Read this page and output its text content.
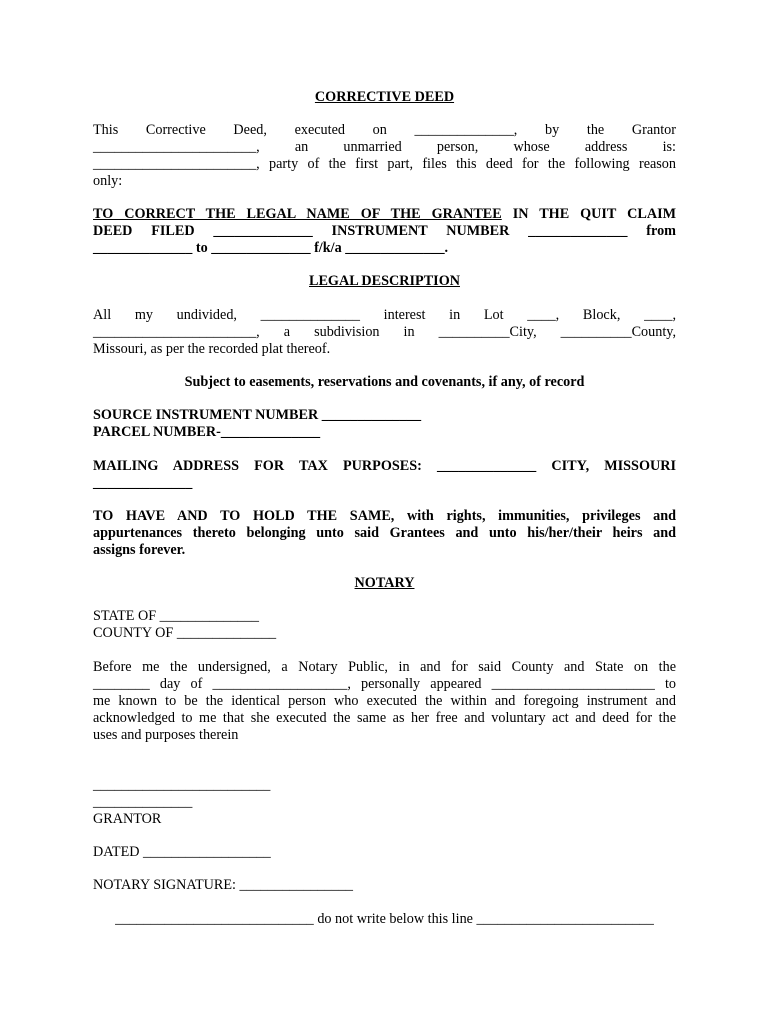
CORRECTIVE DEED
This Corrective Deed, executed on ______________, by the Grantor
_______________________, an unmarried person, whose address is:
_______________________, party of the first part, files this deed for the following reason
only:
TO CORRECT THE LEGAL NAME OF THE GRANTEE IN THE QUIT CLAIM
DEED FILED ______________ INSTRUMENT NUMBER ______________ from
______________ to ______________ f/k/a ______________.
LEGAL DESCRIPTION
All my undivided, ______________ interest in Lot ____, Block, ____,
_______________________, a subdivision in __________City, __________County,
Missouri, as per the recorded plat thereof.
Subject to easements, reservations and covenants, if any, of record
SOURCE INSTRUMENT NUMBER ______________
PARCEL NUMBER-______________
MAILING ADDRESS FOR TAX PURPOSES: ______________ CITY, MISSOURI
______________
TO HAVE AND TO HOLD THE SAME, with rights, immunities, privileges and
appurtenances thereto belonging unto said Grantees and unto his/her/their heirs and
assigns forever.
NOTARY
STATE OF ______________
COUNTY OF ______________
Before me the undersigned, a Notary Public, in and for said County and State on the
________ day of ___________________, personally appeared _______________________ to
me known to be the identical person who executed the within and foregoing instrument and
acknowledged to me that she executed the same as her free and voluntary act and deed for the
uses and purposes therein
_________________________
______________
GRANTOR
DATED __________________
NOTARY SIGNATURE: ________________
____________________________ do not write below this line _________________________
